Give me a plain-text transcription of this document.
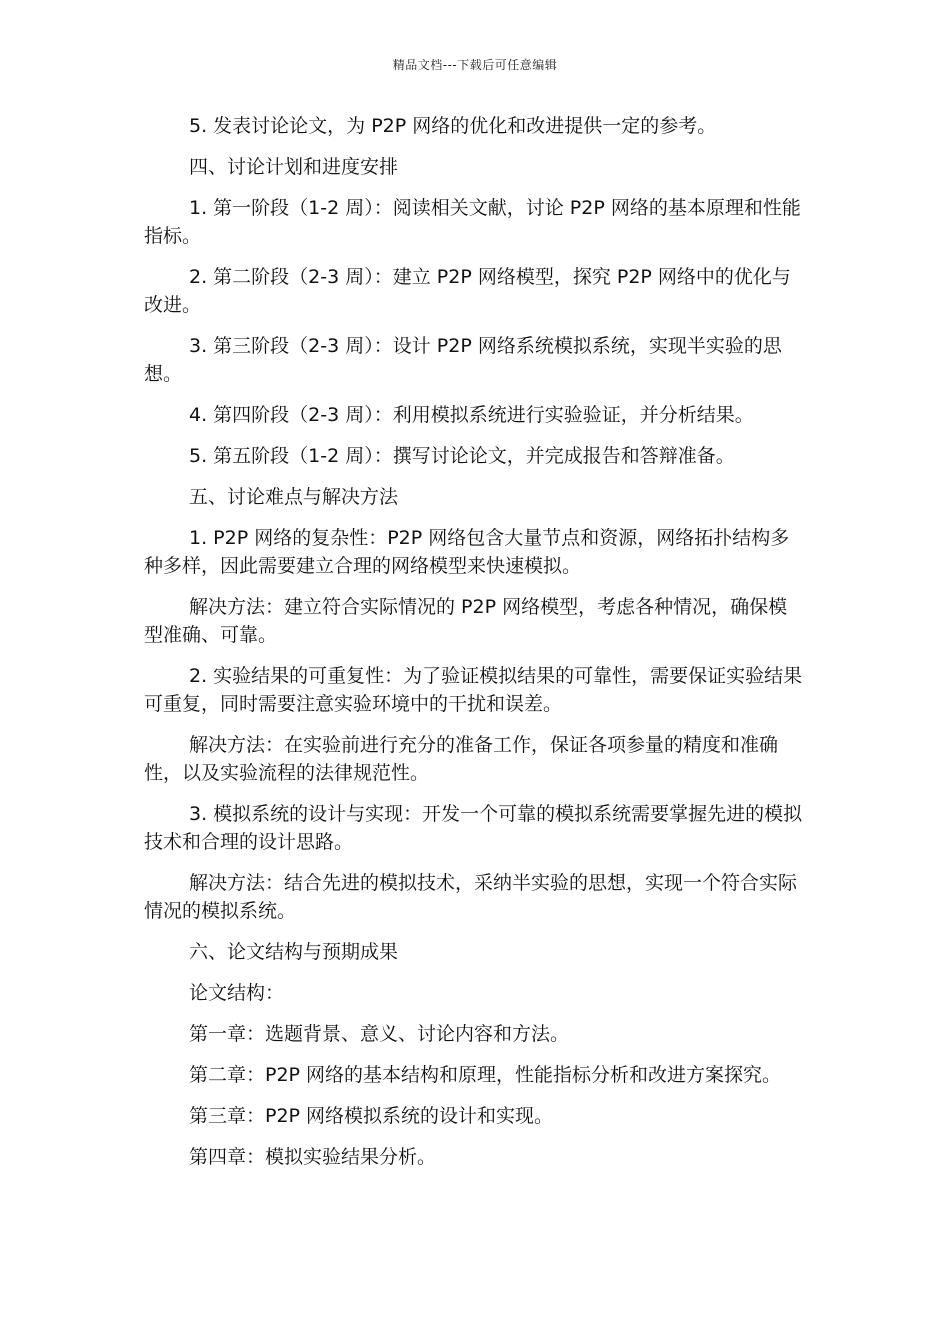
精品文档---下载后可任意编辑

5. 发表讨论论文，为 P2P 网络的优化和改进提供一定的参考。

四、讨论计划和进度安排

1. 第一阶段（1-2 周）：阅读相关文献，讨论 P2P 网络的基本原理和性能指标。

2. 第二阶段（2-3 周）：建立 P2P 网络模型，探究 P2P 网络中的优化与改进。

3. 第三阶段（2-3 周）：设计 P2P 网络系统模拟系统，实现半实验的思想。

4. 第四阶段（2-3 周）：利用模拟系统进行实验验证，并分析结果。

5. 第五阶段（1-2 周）：撰写讨论论文，并完成报告和答辩准备。

五、讨论难点与解决方法

1. P2P 网络的复杂性：P2P 网络包含大量节点和资源，网络拓扑结构多种多样，因此需要建立合理的网络模型来快速模拟。

解决方法：建立符合实际情况的 P2P 网络模型，考虑各种情况，确保模型准确、可靠。

2. 实验结果的可重复性：为了验证模拟结果的可靠性，需要保证实验结果可重复，同时需要注意实验环境中的干扰和误差。

解决方法：在实验前进行充分的准备工作，保证各项参量的精度和准确性，以及实验流程的法律规范性。

3. 模拟系统的设计与实现：开发一个可靠的模拟系统需要掌握先进的模拟技术和合理的设计思路。

解决方法：结合先进的模拟技术，采纳半实验的思想，实现一个符合实际情况的模拟系统。

六、论文结构与预期成果

论文结构：

第一章：选题背景、意义、讨论内容和方法。

第二章：P2P 网络的基本结构和原理，性能指标分析和改进方案探究。

第三章：P2P 网络模拟系统的设计和实现。

第四章：模拟实验结果分析。
